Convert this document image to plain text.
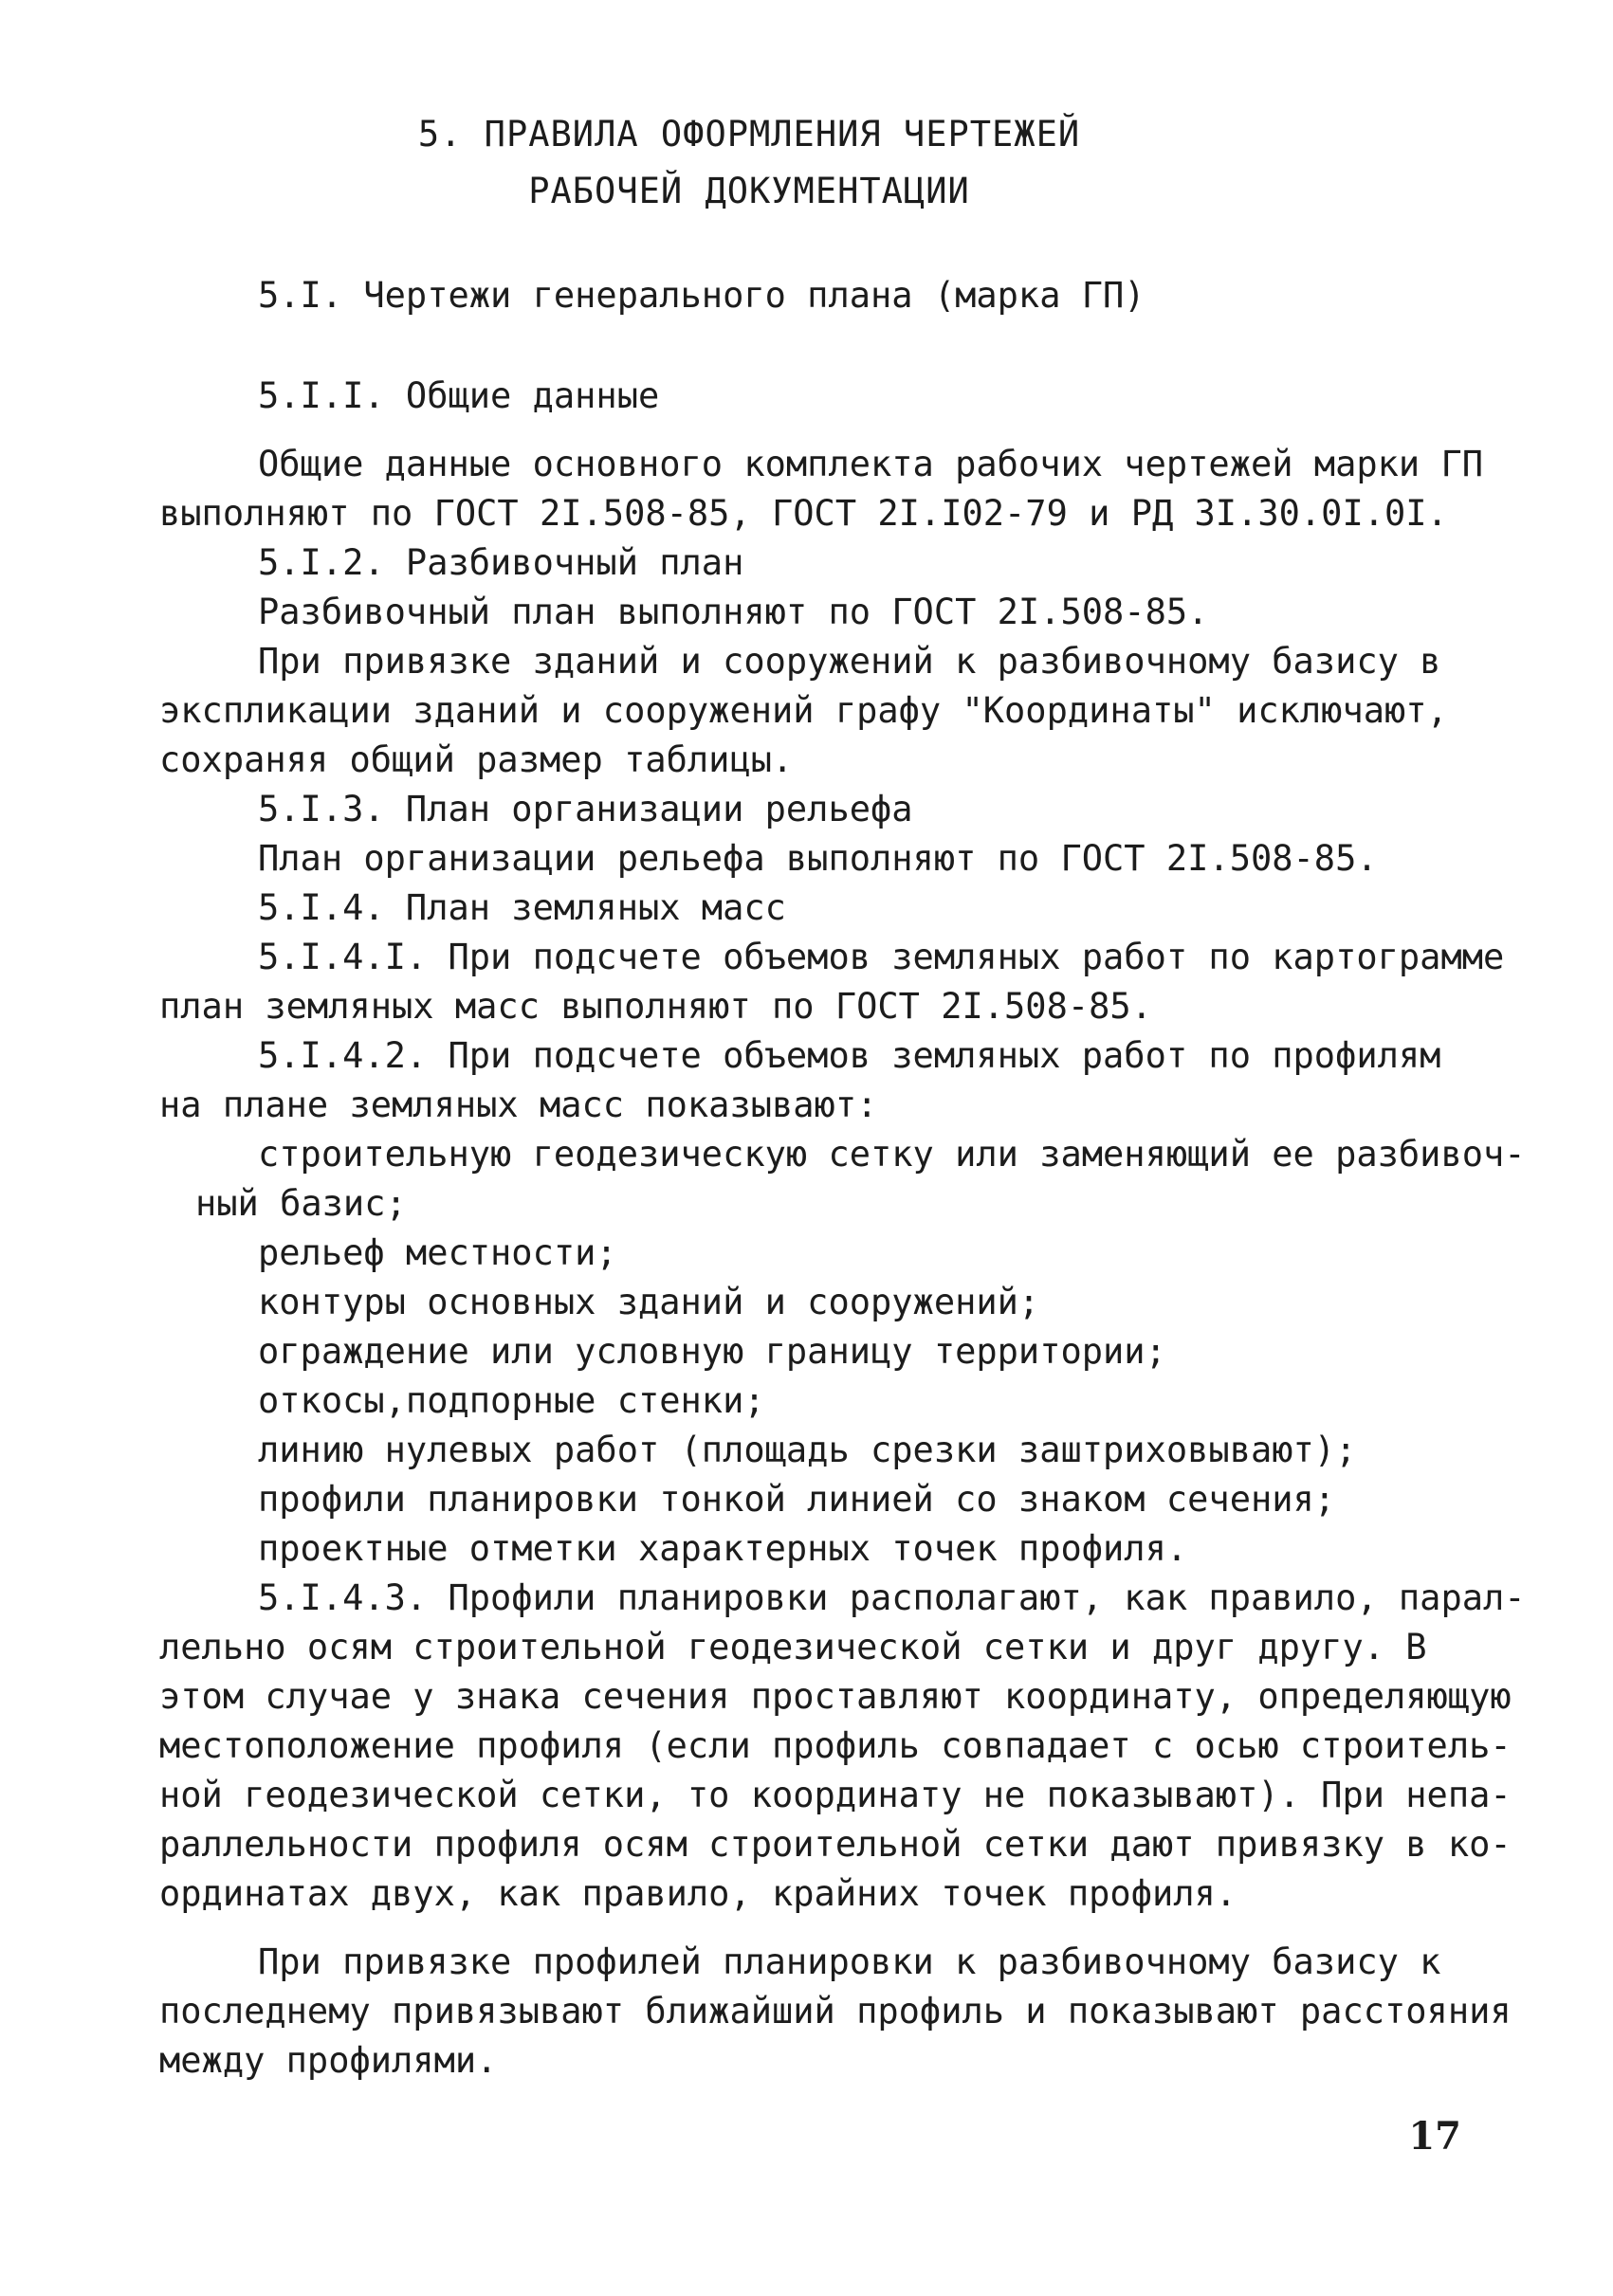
5. ПРАВИЛА ОФОРМЛЕНИЯ ЧЕРТЕЖЕЙ
РАБОЧЕЙ ДОКУМЕНТАЦИИ
5.I. Чертежи генерального плана (марка ГП)
5.I.I. Общие данные
Общие данные основного комплекта рабочих чертежей марки ГП
выполняют по ГОСТ 2I.508-85, ГОСТ 2I.I02-79 и РД 3I.30.0I.0I.
5.I.2. Разбивочный план
Разбивочный план выполняют по ГОСТ 2I.508-85.
При привязке зданий и сооружений к разбивочному базису в
экспликации зданий и сооружений графу "Координаты" исключают,
сохраняя общий размер таблицы.
5.I.3. План организации рельефа
План организации рельефа выполняют по ГОСТ 2I.508-85.
5.I.4. План земляных масс
5.I.4.I. При подсчете объемов земляных работ по картограмме
план земляных масс выполняют по ГОСТ 2I.508-85.
5.I.4.2. При подсчете объемов земляных работ по профилям
на плане земляных масс показывают:
строительную геодезическую сетку или заменяющий ее разбивоч-
ный базис;
рельеф местности;
контуры основных зданий и сооружений;
ограждение или условную границу территории;
откосы,подпорные стенки;
линию нулевых работ (площадь срезки заштриховывают);
профили планировки тонкой линией со знаком сечения;
проектные отметки характерных точек профиля.
5.I.4.3. Профили планировки располагают, как правило, парал-
лельно осям строительной геодезической сетки и друг другу. В
этом случае у знака сечения проставляют координату, определяющую
местоположение профиля (если профиль совпадает с осью строитель-
ной геодезической сетки, то координату не показывают). При непа-
раллельности профиля осям строительной сетки дают привязку в ко-
ординатах двух, как правило, крайних точек профиля.
При привязке профилей планировки к разбивочному базису к
последнему привязывают ближайший профиль и показывают расстояния
между профилями.
17
